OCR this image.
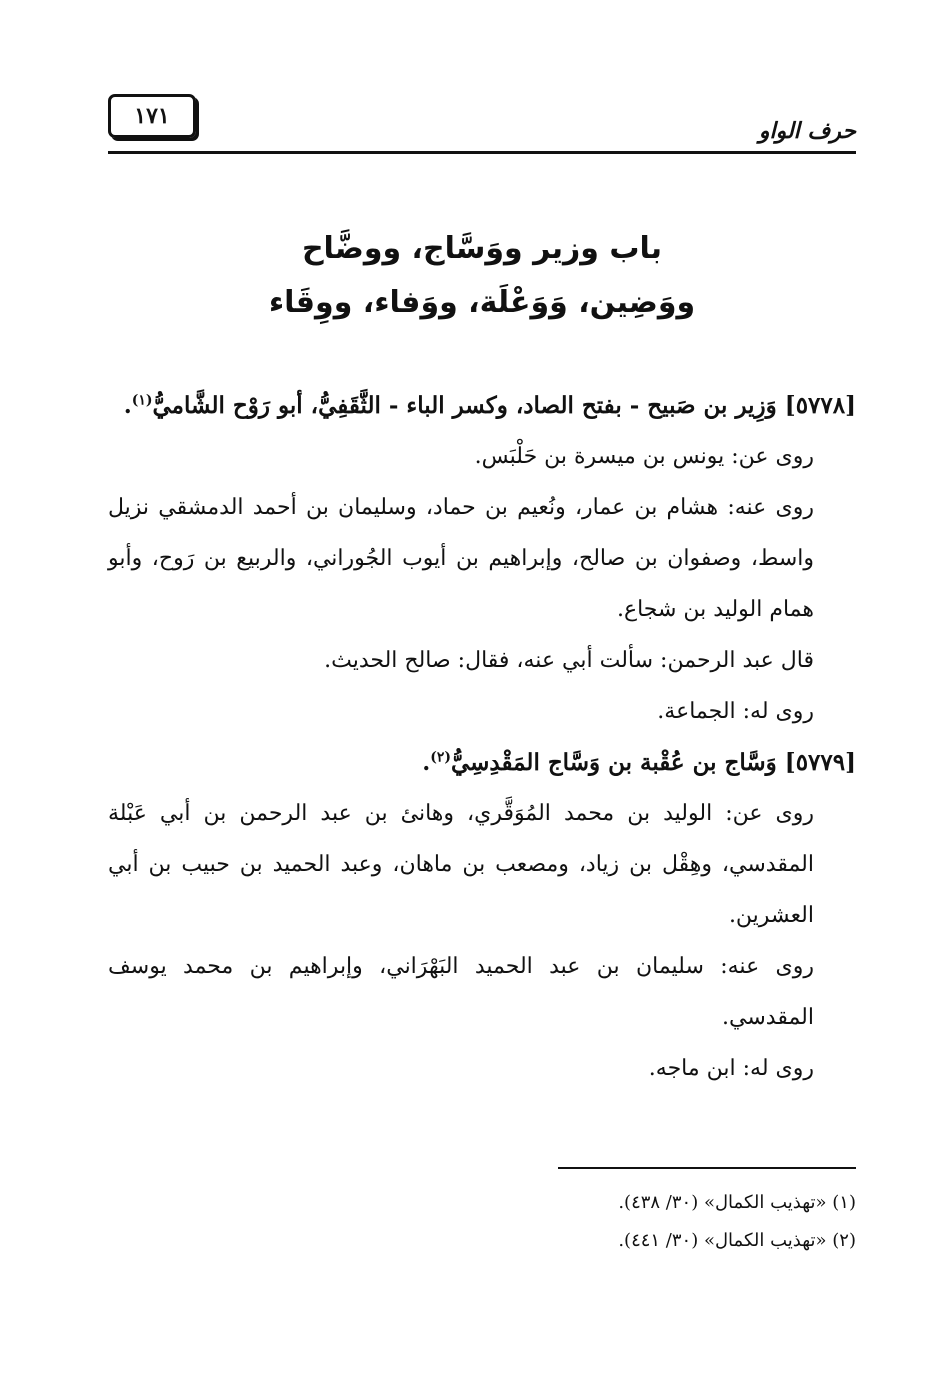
حرف الواو
١٧١
باب وزير ووَسَّاج، ووضَّاح
ووَضِين، وَوَعْلَة، ووَفاء، ووِقَاء

[٥٧٧٨] وَزِير بن صَبيح - بفتح الصاد، وكسر الباء - الثَّقَفِيُّ، أبو رَوْح الشَّاميُّ$^{(١)}$.

روى عن: يونس بن ميسرة بن حَلْبَس.

روى عنه: هشام بن عمار، ونُعيم بن حماد، وسليمان بن أحمد الدمشقي نزيل واسط، وصفوان بن صالح، وإبراهيم بن أيوب الجُوراني، والربيع بن رَوح، وأبو همام الوليد بن شجاع.

قال عبد الرحمن: سألت أبي عنه، فقال: صالح الحديث.

روى له: الجماعة.

[٥٧٧٩] وَسَّاج بن عُقْبة بن وَسَّاج المَقْدِسِيُّ$^{(٢)}$.

روى عن: الوليد بن محمد المُوَقَّري، وهانئ بن عبد الرحمن بن أبي عَبْلة المقدسي، وهِقْل بن زياد، ومصعب بن ماهان، وعبد الحميد بن حبيب بن أبي العشرين.

روى عنه: سليمان بن عبد الحميد البَهْرَاني، وإبراهيم بن محمد يوسف المقدسي.

روى له: ابن ماجه.

(١) «تهذيب الكمال» (٣٠/ ٤٣٨).
(٢) «تهذيب الكمال» (٣٠/ ٤٤١).
